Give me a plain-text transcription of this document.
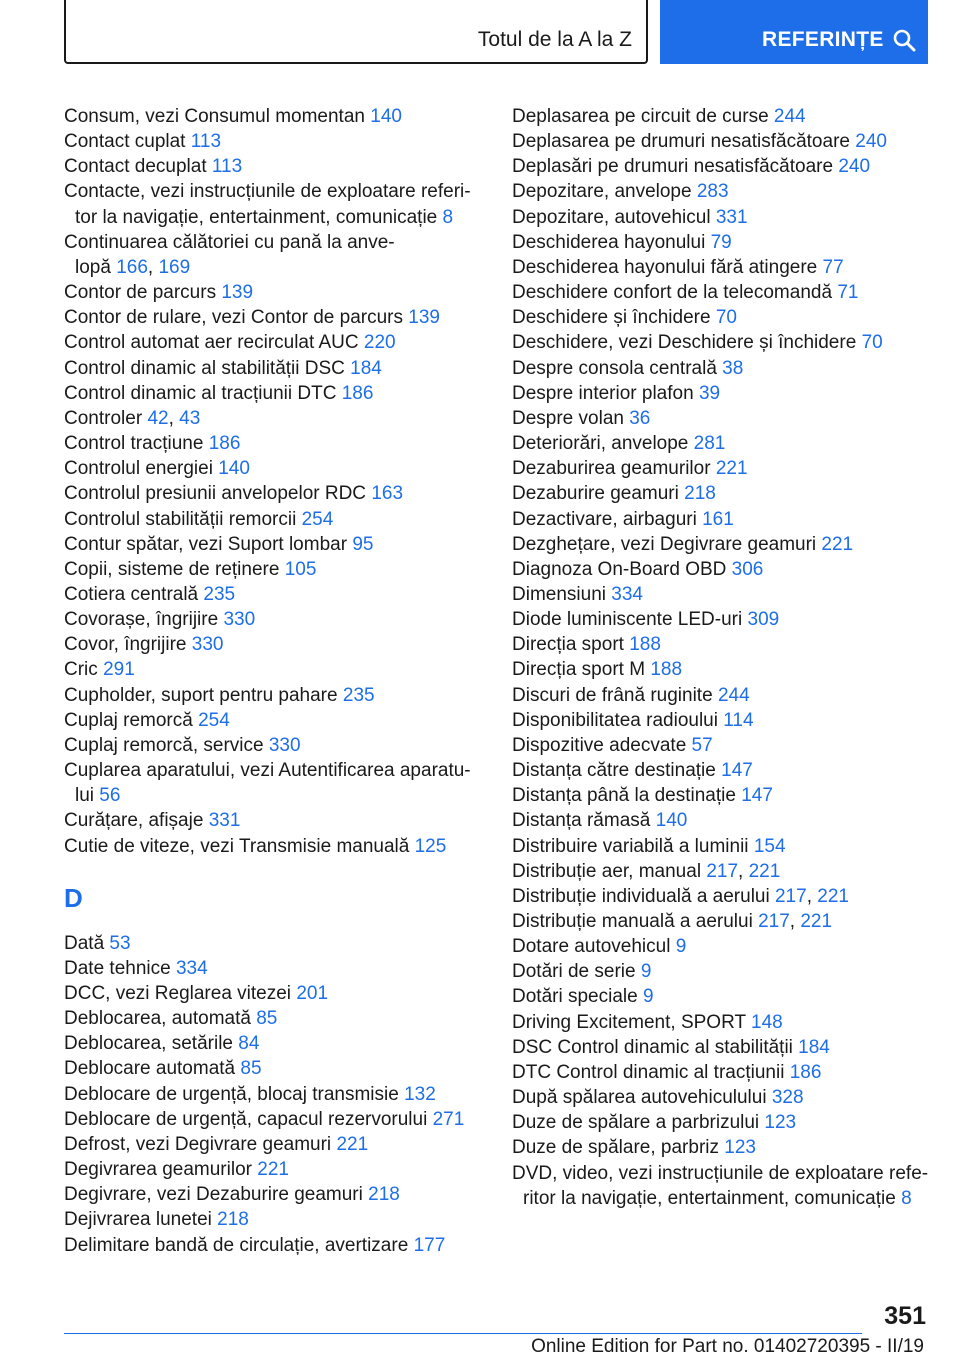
Totul de la A la Z	REFERINȚE
Consum, vezi Consumul momentan 140
Contact cuplat 113
Contact decuplat 113
Contacte, vezi instrucțiunile de exploatare referi‐
tor la navigație, entertainment, comunicație 8
Continuarea călătoriei cu pană la anve‐
lopă 166, 169
Contor de parcurs 139
Contor de rulare, vezi Contor de parcurs 139
Control automat aer recirculat AUC 220
Control dinamic al stabilității DSC 184
Control dinamic al tracțiunii DTC 186
Controler 42, 43
Control tracțiune 186
Controlul energiei 140
Controlul presiunii anvelopelor RDC 163
Controlul stabilității remorcii 254
Contur spătar, vezi Suport lombar 95
Copii, sisteme de reținere 105
Cotiera centrală 235
Covorașe, îngrijire 330
Covor, îngrijire 330
Cric 291
Cupholder, suport pentru pahare 235
Cuplaj remorcă 254
Cuplaj remorcă, service 330
Cuplarea aparatului, vezi Autentificarea aparatu‐
lui 56
Curățare, afișaje 331
Cutie de viteze, vezi Transmisie manuală 125
D
Dată 53
Date tehnice 334
DCC, vezi Reglarea vitezei 201
Deblocarea, automată 85
Deblocarea, setările 84
Deblocare automată 85
Deblocare de urgență, blocaj transmisie 132
Deblocare de urgență, capacul rezervorului 271
Defrost, vezi Degivrare geamuri 221
Degivrarea geamurilor 221
Degivrare, vezi Dezaburire geamuri 218
Dejivrarea lunetei 218
Delimitare bandă de circulație, avertizare 177
Deplasarea pe circuit de curse 244
Deplasarea pe drumuri nesatisfăcătoare 240
Deplasări pe drumuri nesatisfăcătoare 240
Depozitare, anvelope 283
Depozitare, autovehicul 331
Deschiderea hayonului 79
Deschiderea hayonului fără atingere 77
Deschidere confort de la telecomandă 71
Deschidere și închidere 70
Deschidere, vezi Deschidere și închidere 70
Despre consola centrală 38
Despre interior plafon 39
Despre volan 36
Deteriorări, anvelope 281
Dezaburirea geamurilor 221
Dezaburire geamuri 218
Dezactivare, airbaguri 161
Dezghețare, vezi Degivrare geamuri 221
Diagnoza On-Board OBD 306
Dimensiuni 334
Diode luminiscente LED-uri 309
Direcția sport 188
Direcția sport M 188
Discuri de frână ruginite 244
Disponibilitatea radioului 114
Dispozitive adecvate 57
Distanța către destinație 147
Distanța până la destinație 147
Distanța rămasă 140
Distribuire variabilă a luminii 154
Distribuție aer, manual 217, 221
Distribuție individuală a aerului 217, 221
Distribuție manuală a aerului 217, 221
Dotare autovehicul 9
Dotări de serie 9
Dotări speciale 9
Driving Excitement, SPORT 148
DSC Control dinamic al stabilității 184
DTC Control dinamic al tracțiunii 186
După spălarea autovehiculului 328
Duze de spălare a parbrizului 123
Duze de spălare, parbriz 123
DVD, video, vezi instrucțiunile de exploatare refe‐
ritor la navigație, entertainment, comunicație 8
351
Online Edition for Part no. 01402720395 - II/19
